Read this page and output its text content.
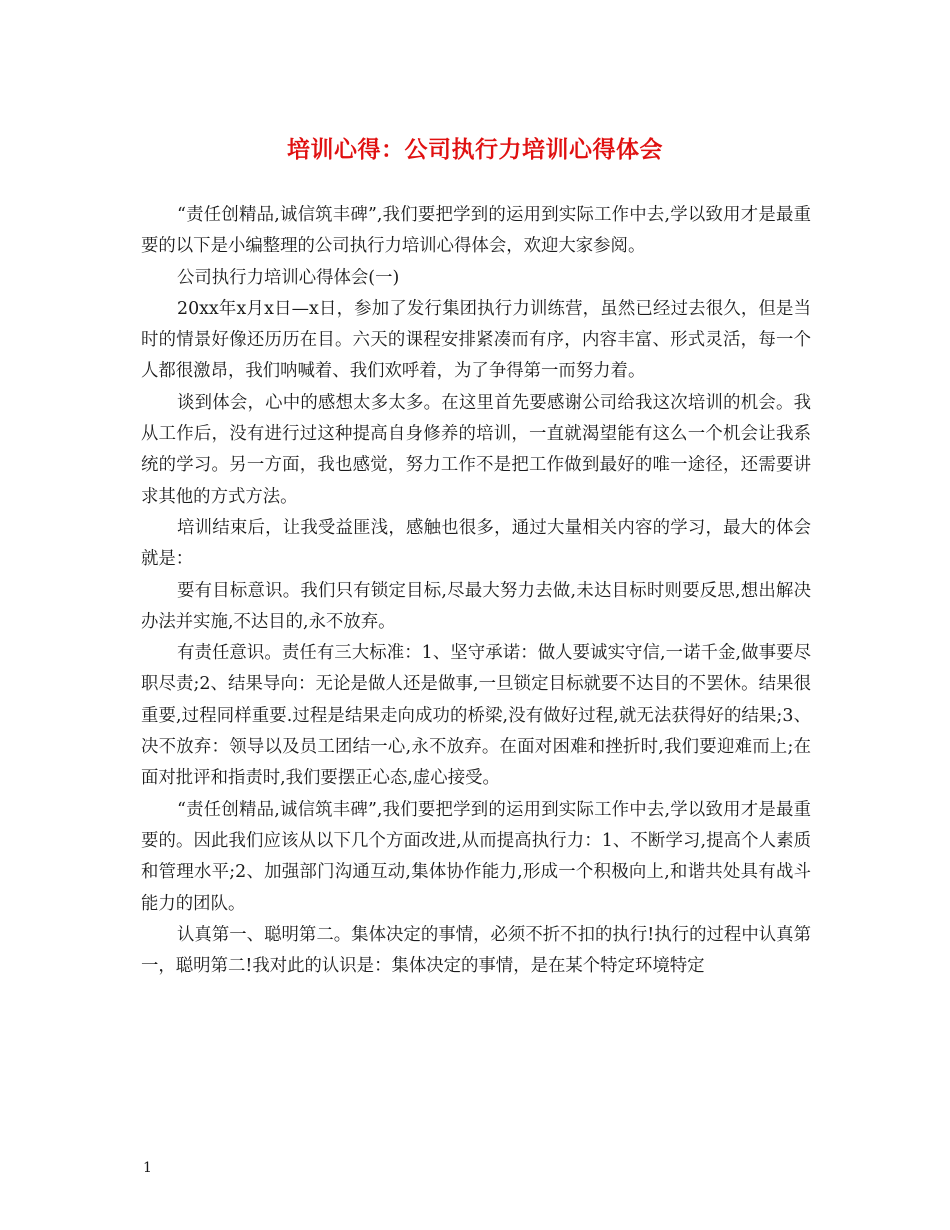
培训心得：公司执行力培训心得体会

“责任创精品,诚信筑丰碑”,我们要把学到的运用到实际工作中去,学以致用才是最重要的以下是小编整理的公司执行力培训心得体会，欢迎大家参阅。

公司执行力培训心得体会(一)

20xx年x月x日—x日，参加了发行集团执行力训练营，虽然已经过去很久，但是当时的情景好像还历历在目。六天的课程安排紧凑而有序，内容丰富、形式灵活，每一个人都很激昂，我们呐喊着、我们欢呼着，为了争得第一而努力着。

谈到体会，心中的感想太多太多。在这里首先要感谢公司给我这次培训的机会。我从工作后，没有进行过这种提高自身修养的培训，一直就渴望能有这么一个机会让我系统的学习。另一方面，我也感觉，努力工作不是把工作做到最好的唯一途径，还需要讲求其他的方式方法。

培训结束后，让我受益匪浅，感触也很多，通过大量相关内容的学习，最大的体会就是：

要有目标意识。我们只有锁定目标,尽最大努力去做,未达目标时则要反思,想出解决办法并实施,不达目的,永不放弃。

有责任意识。责任有三大标准：1、坚守承诺：做人要诚实守信,一诺千金,做事要尽职尽责;2、结果导向：无论是做人还是做事,一旦锁定目标就要不达目的不罢休。结果很重要,过程同样重要.过程是结果走向成功的桥梁,没有做好过程,就无法获得好的结果;3、决不放弃：领导以及员工团结一心,永不放弃。在面对困难和挫折时,我们要迎难而上;在面对批评和指责时,我们要摆正心态,虚心接受。

“责任创精品,诚信筑丰碑”,我们要把学到的运用到实际工作中去,学以致用才是最重要的。因此我们应该从以下几个方面改进,从而提高执行力：1、不断学习,提高个人素质和管理水平;2、加强部门沟通互动,集体协作能力,形成一个积极向上,和谐共处具有战斗能力的团队。

认真第一、聪明第二。集体决定的事情，必须不折不扣的执行!执行的过程中认真第一，聪明第二!我对此的认识是：集体决定的事情，是在某个特定环境特定

1
